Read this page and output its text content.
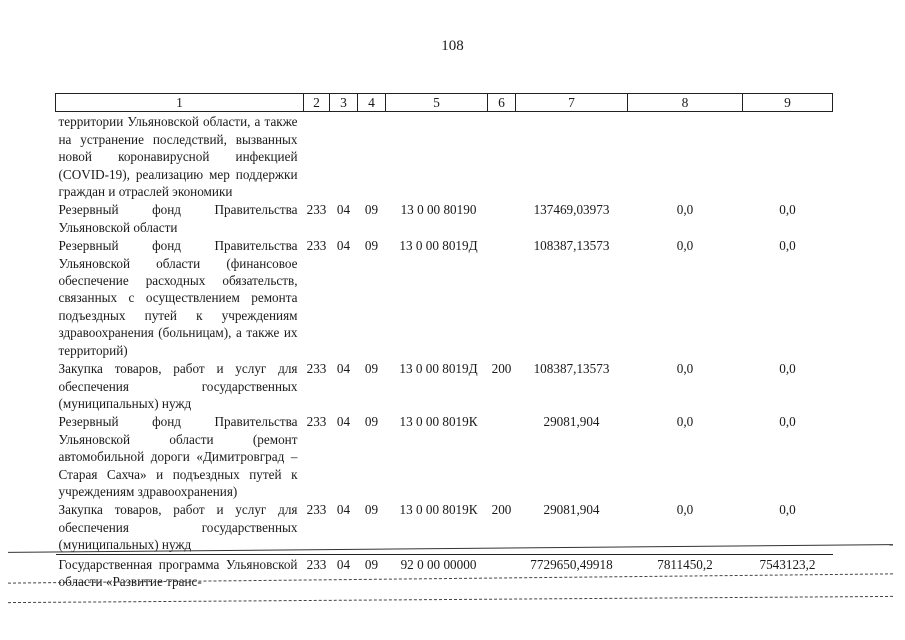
108
1	2	3	4	5	6	7	8	9
территории Ульяновской области, а также на устранение последствий, вызванных новой коронавирусной инфекцией (COVID-19), реализацию мер поддержки граждан и отраслей экономики								
Резервный фонд Правительства Ульяновской области	233	04	09	13 0 00 80190		137469,03973	0,0	0,0
Резервный фонд Правительства Ульяновской области (финансовое обеспечение расходных обязательств, связанных с осуществлением ремонта подъездных путей к учреждениям здравоохранения (больницам), а также их территорий)	233	04	09	13 0 00 8019Д		108387,13573	0,0	0,0
Закупка товаров, работ и услуг для обеспечения государственных (муниципальных) нужд	233	04	09	13 0 00 8019Д	200	108387,13573	0,0	0,0
Резервный фонд Правительства Ульяновской области (ремонт автомобильной дороги «Димитровград – Старая Сахча» и подъездных путей к учреждениям здравоохранения)	233	04	09	13 0 00 8019К		29081,904	0,0	0,0
Закупка товаров, работ и услуг для обеспечения государственных (муниципальных) нужд	233	04	09	13 0 00 8019К	200	29081,904	0,0	0,0
Государственная программа Ульяновской области «Развитие транс-	233	04	09	92 0 00 00000		7729650,49918	7811450,2	7543123,2
